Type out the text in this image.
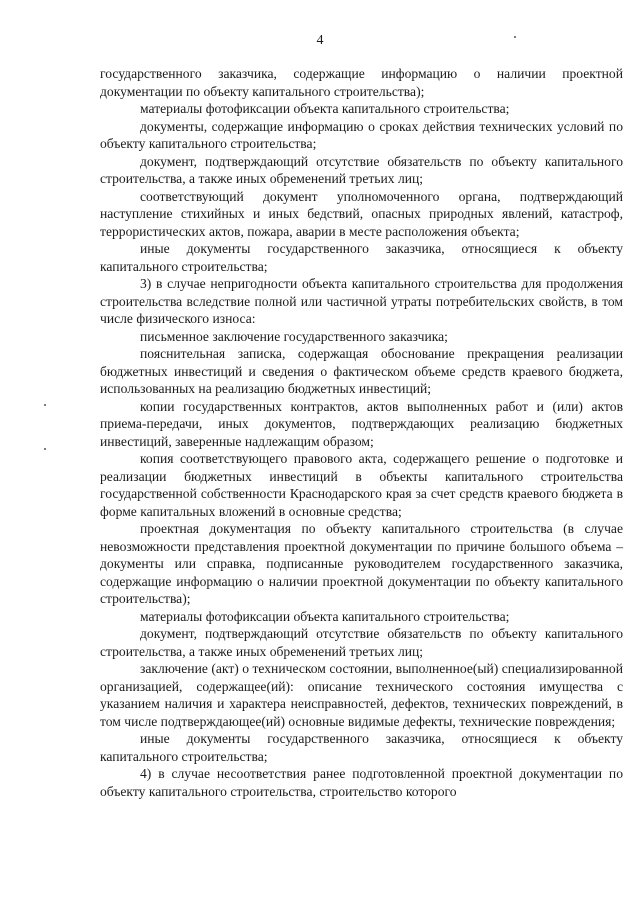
4

государственного заказчика, содержащие информацию о наличии проектной документации по объекту капитального строительства);

материалы фотофиксации объекта капитального строительства;

документы, содержащие информацию о сроках действия технических условий по объекту капитального строительства;

документ, подтверждающий отсутствие обязательств по объекту капитального строительства, а также иных обременений третьих лиц;

соответствующий документ уполномоченного органа, подтверждающий наступление стихийных и иных бедствий, опасных природных явлений, катастроф, террористических актов, пожара, аварии в месте расположения объекта;

иные документы государственного заказчика, относящиеся к объекту капитального строительства;

3) в случае непригодности объекта капитального строительства для продолжения строительства вследствие полной или частичной утраты потребительских свойств, в том числе физического износа:

письменное заключение государственного заказчика;

пояснительная записка, содержащая обоснование прекращения реализации бюджетных инвестиций и сведения о фактическом объеме средств краевого бюджета, использованных на реализацию бюджетных инвестиций;

копии государственных контрактов, актов выполненных работ и (или) актов приема-передачи, иных документов, подтверждающих реализацию бюджетных инвестиций, заверенные надлежащим образом;

копия соответствующего правового акта, содержащего решение о подготовке и реализации бюджетных инвестиций в объекты капитального строительства государственной собственности Краснодарского края за счет средств краевого бюджета в форме капитальных вложений в основные средства;

проектная документация по объекту капитального строительства (в случае невозможности представления проектной документации по причине большого объема – документы или справка, подписанные руководителем государственного заказчика, содержащие информацию о наличии проектной документации по объекту капитального строительства);

материалы фотофиксации объекта капитального строительства;

документ, подтверждающий отсутствие обязательств по объекту капитального строительства, а также иных обременений третьих лиц;

заключение (акт) о техническом состоянии, выполненное(ый) специализированной организацией, содержащее(ий): описание технического состояния имущества с указанием наличия и характера неисправностей, дефектов, технических повреждений, в том числе подтверждающее(ий) основные видимые дефекты, технические повреждения;

иные документы государственного заказчика, относящиеся к объекту капитального строительства;

4) в случае несоответствия ранее подготовленной проектной документации по объекту капитального строительства, строительство которого
